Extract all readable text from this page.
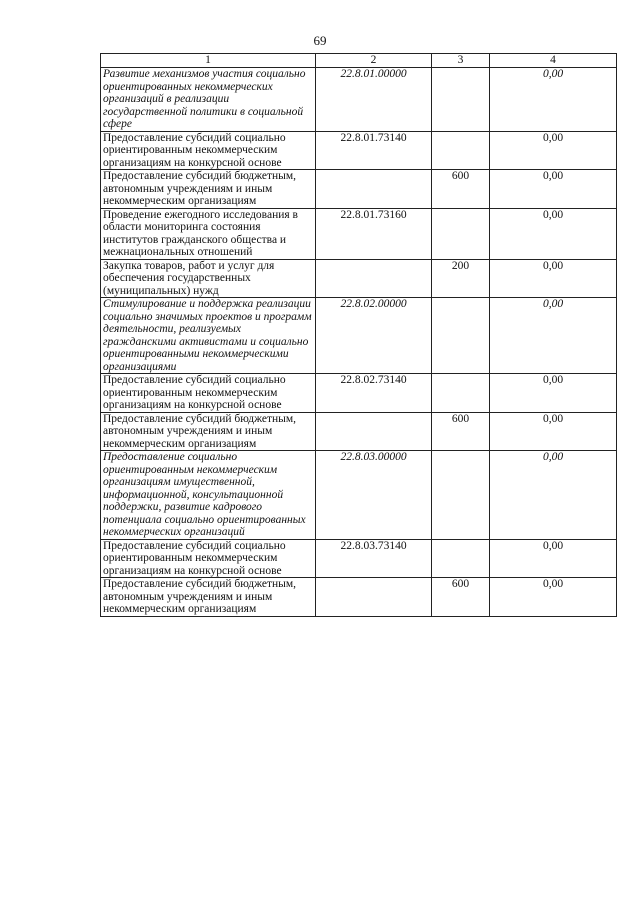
69
1	2	3	4
Развитие механизмов участия социально ориентированных некоммерческих организаций в реализации государственной политики в социальной сфере	22.8.01.00000		0,00
Предоставление субсидий социально ориентированным некоммерческим организациям на конкурсной основе	22.8.01.73140		0,00
Предоставление субсидий бюджетным, автономным учреждениям и иным некоммерческим организациям		600	0,00
Проведение ежегодного исследования в области мониторинга состояния институтов гражданского общества и межнациональных отношений	22.8.01.73160		0,00
Закупка товаров, работ и услуг для обеспечения государственных (муниципальных) нужд		200	0,00
Стимулирование и поддержка реализации социально значимых проектов и программ деятельности, реализуемых гражданскими активистами и социально ориентированными некоммерческими организациями	22.8.02.00000		0,00
Предоставление субсидий социально ориентированным некоммерческим организациям на конкурсной основе	22.8.02.73140		0,00
Предоставление субсидий бюджетным, автономным учреждениям и иным некоммерческим организациям		600	0,00
Предоставление социально ориентированным некоммерческим организациям имущественной, информационной, консультационной поддержки, развитие кадрового потенциала социально ориентированных некоммерческих организаций	22.8.03.00000		0,00
Предоставление субсидий социально ориентированным некоммерческим организациям на конкурсной основе	22.8.03.73140		0,00
Предоставление субсидий бюджетным, автономным учреждениям и иным некоммерческим организациям		600	0,00
